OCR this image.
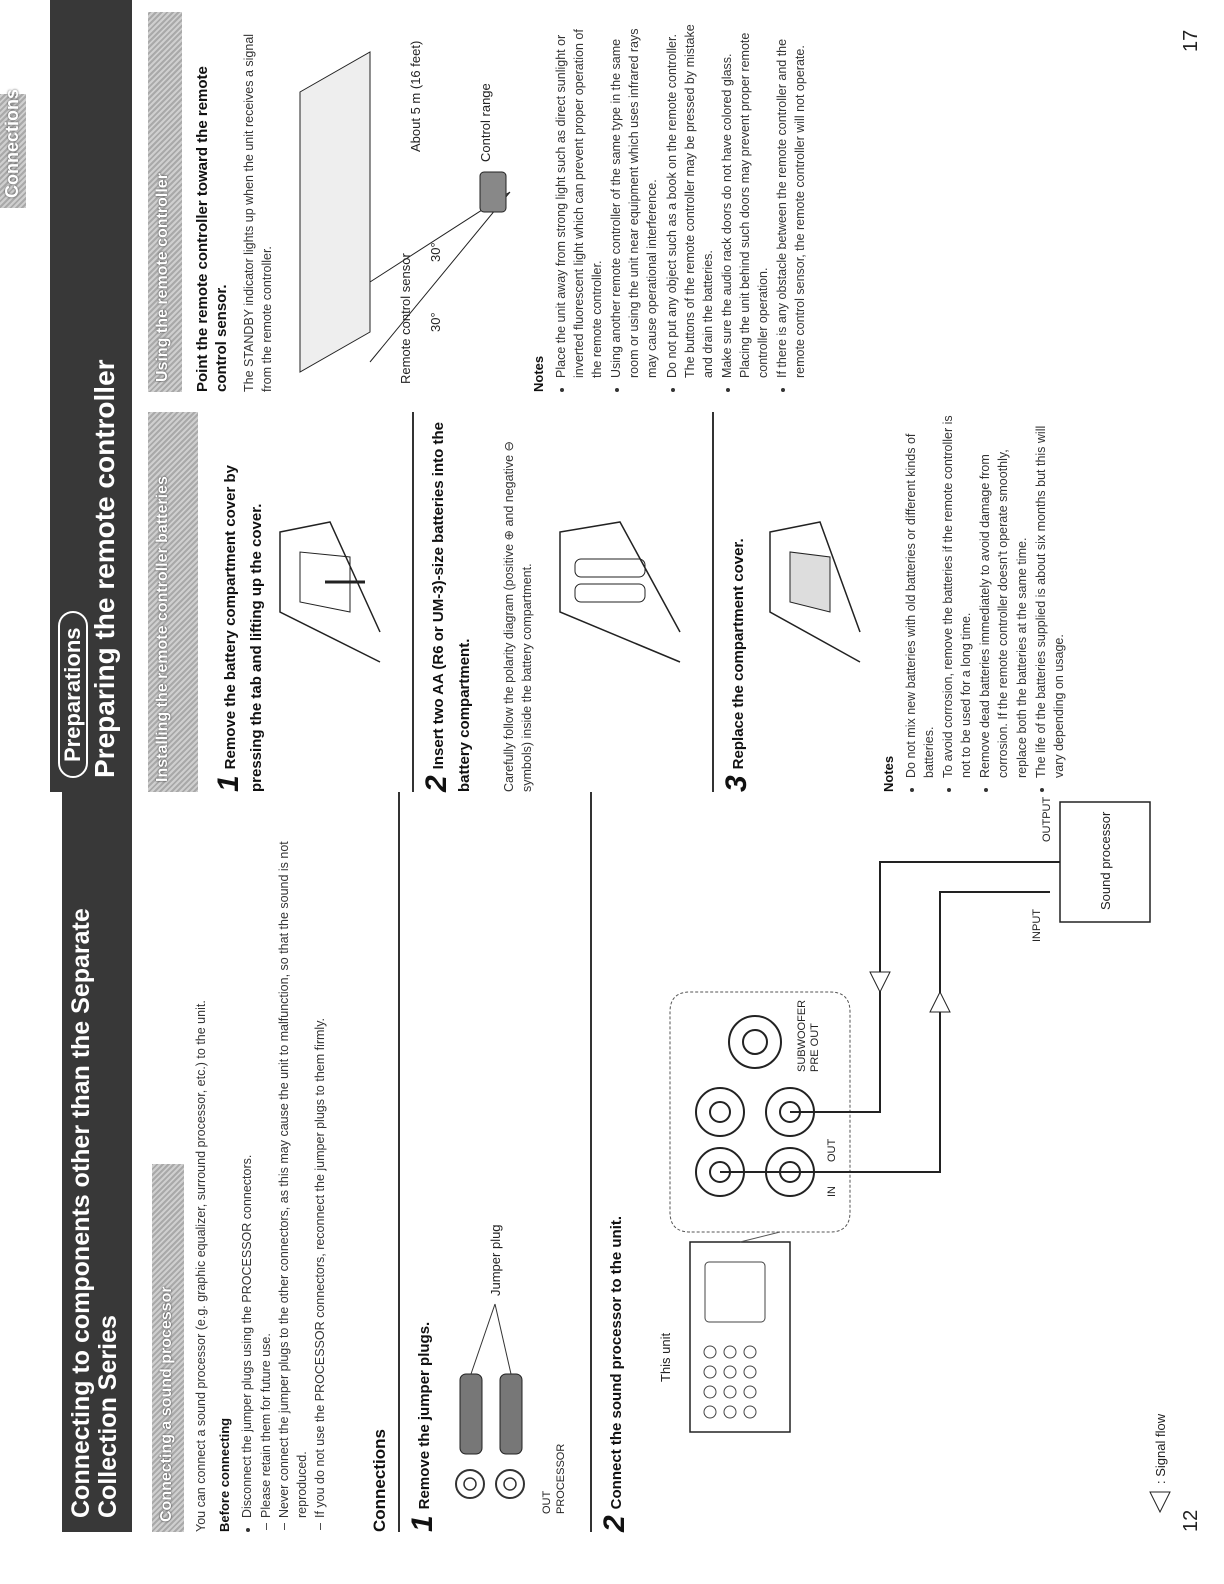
12
Connecting to components other than the Separate Collection Series	Connecting a sound processor	You can connect a sound processor (e.g. graphic equalizer, surround processor, etc.) to the unit. Before connecting • Disconnect the jumper plugs using the PROCESSOR connectors. – Please retain them for future use. – Never connect the jumper plugs to the other connectors, as this may cause the unit to malfunction, so that the sound is not reproduced. – If you do not use the PROCESSOR connectors, reconnect the jumper plugs to them firmly.	Connections 1Remove the jumper plugs.
Jumper plug
OUT PROCESSOR
2Connect the sound processor to the unit.	This unit
IN
OUT
SUBWOOFER PRE OUT
Sound processor
INPUT
OUTPUT
: Signal flow
Connections
17
Preparations Preparing the remote controller	Installing the remote controller batteries
1Remove the battery compartment cover by pressing the tab and lifting up the cover.	2Insert two AA (R6 or UM-3)-size batteries into the battery compartment. Carefully follow the polarity diagram (positive ⊕ and negative ⊖ symbols) inside the battery compartment.	3Replace the compartment cover.
Notes • Do not mix new batteries with old batteries or different kinds of batteries. • To avoid corrosion, remove the batteries if the remote controller is not to be used for a long time. • Remove dead batteries immediately to avoid damage from corrosion. If the remote controller doesn't operate smoothly, replace both the batteries at the same time. • The life of the batteries supplied is about six months but this will vary depending on usage.
Using the remote controller	Point the remote controller toward the remote control sensor. The STANDBY indicator lights up when the unit receives a signal from the remote controller.	Remote control sensor 30°
30°
About 5 m (16 feet)	Control range
Notes • Place the unit away from strong light such as direct sunlight or inverted fluorescent light which can prevent proper operation of the remote controller. • Using another remote controller of the same type in the same room or using the unit near equipment which uses infrared rays may cause operational interference. • Do not put any object such as a book on the remote controller. The buttons of the remote controller may be pressed by mistake and drain the batteries. • Make sure the audio rack doors do not have colored glass. Placing the unit behind such doors may prevent proper remote controller operation. • If there is any obstacle between the remote controller and the remote control sensor, the remote controller will not operate.
